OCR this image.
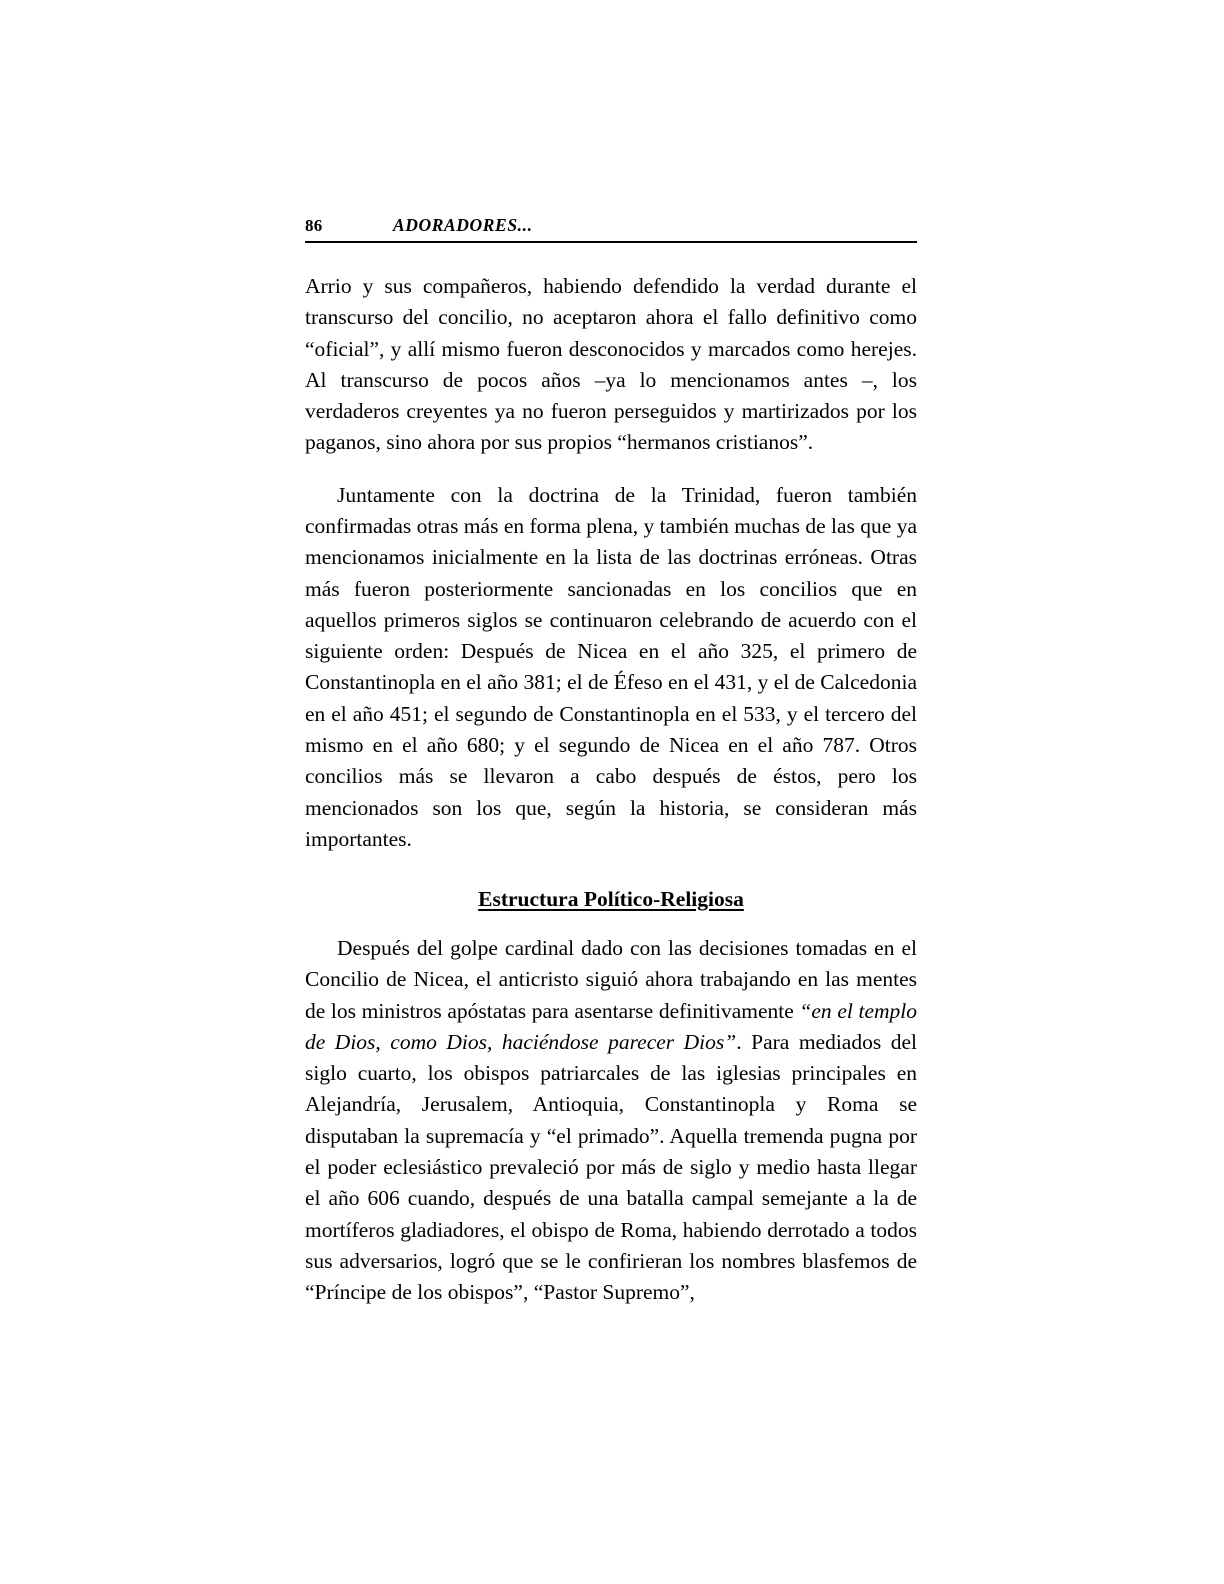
86	ADORADORES...

Arrio y sus compañeros, habiendo defendido la verdad durante el transcurso del concilio, no aceptaron ahora el fallo definitivo como “oficial”, y allí mismo fueron desconocidos y marcados como herejes. Al transcurso de pocos años –ya lo mencionamos antes –, los verdaderos creyentes ya no fueron perseguidos y martirizados por los paganos, sino ahora por sus propios “hermanos cristianos”.

Juntamente con la doctrina de la Trinidad, fueron también confirmadas otras más en forma plena, y también muchas de las que ya mencionamos inicialmente en la lista de las doctrinas erróneas. Otras más fueron posteriormente sancionadas en los concilios que en aquellos primeros siglos se continuaron celebrando de acuerdo con el siguiente orden: Después de Nicea en el año 325, el primero de Constantinopla en el año 381; el de Éfeso en el 431, y el de Calcedonia en el año 451; el segundo de Constantinopla en el 533, y el tercero del mismo en el año 680; y el segundo de Nicea en el año 787. Otros concilios más se llevaron a cabo después de éstos, pero los mencionados son los que, según la historia, se consideran más importantes.

Estructura Político-Religiosa

Después del golpe cardinal dado con las decisiones tomadas en el Concilio de Nicea, el anticristo siguió ahora trabajando en las mentes de los ministros apóstatas para asentarse definitivamente “en el templo de Dios, como Dios, haciéndose parecer Dios”. Para mediados del siglo cuarto, los obispos patriarcales de las iglesias principales en Alejandría, Jerusalem, Antioquia, Constantinopla y Roma se disputaban la supremacía y “el primado”. Aquella tremenda pugna por el poder eclesiástico prevaleció por más de siglo y medio hasta llegar el año 606 cuando, después de una batalla campal semejante a la de mortíferos gladiadores, el obispo de Roma, habiendo derrotado a todos sus adversarios, logró que se le confirieran los nombres blasfemos de “Príncipe de los obispos”, “Pastor Supremo”,
